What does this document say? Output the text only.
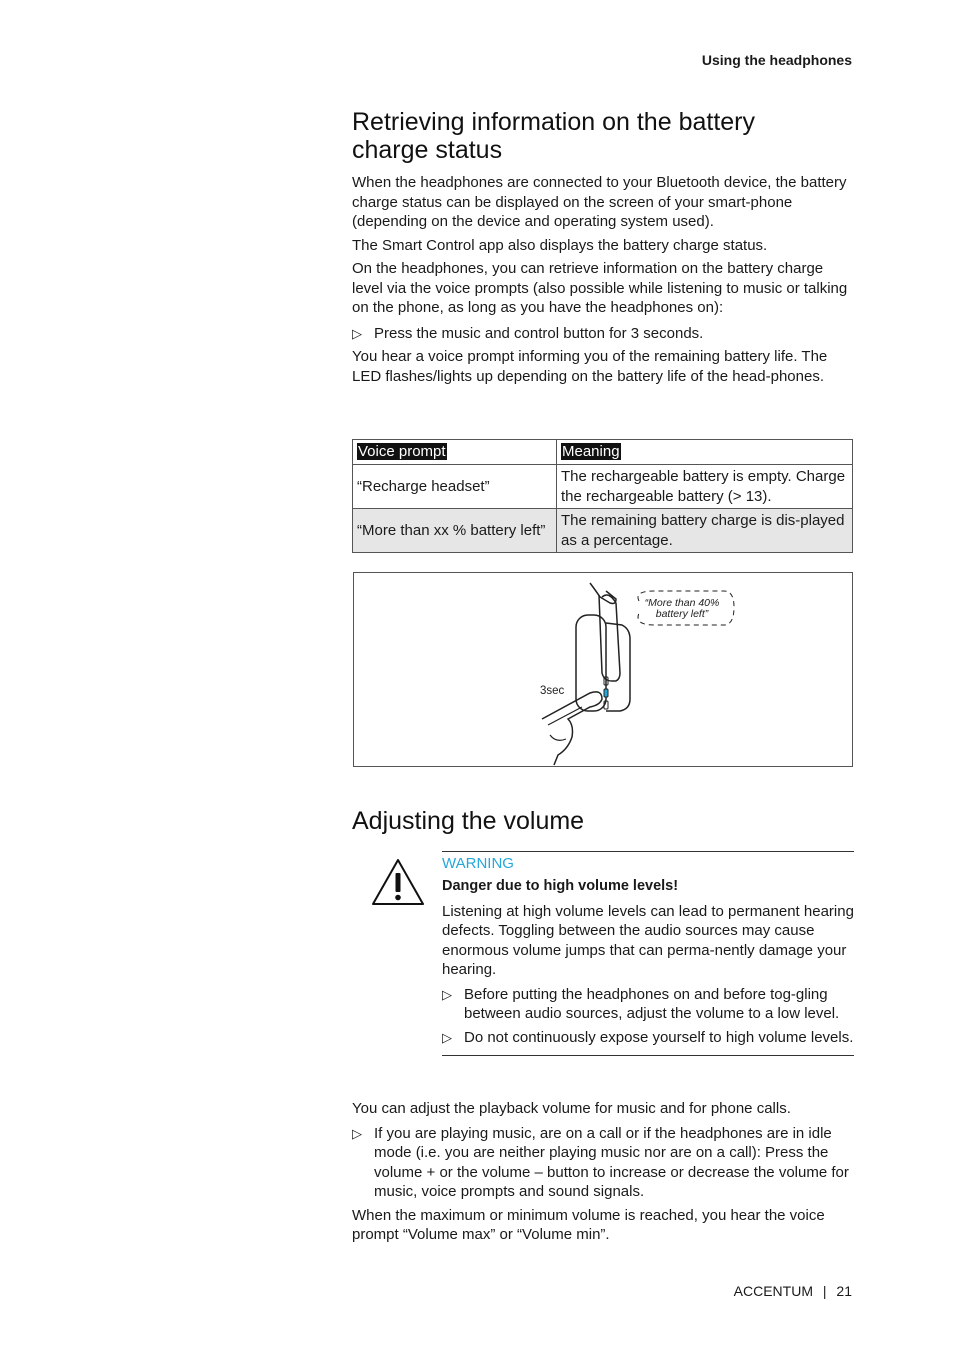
Using the headphones
Retrieving information on the battery
charge status

When the headphones are connected to your Bluetooth device, the battery charge status can be displayed on the screen of your smart-phone (depending on the device and operating system used).

The Smart Control app also displays the battery charge status.

On the headphones, you can retrieve information on the battery charge level via the voice prompts (also possible while listening to music or talking on the phone, as long as you have the headphones on):

▷ Press the music and control button for 3 seconds.

You hear a voice prompt informing you of the remaining battery life. The LED flashes/lights up depending on the battery life of the head-phones.

Voice prompt	Meaning
“Recharge headset”	The rechargeable battery is empty. Charge the rechargeable battery (> 13).
“More than xx % battery left”	The remaining battery charge is dis-played as a percentage.
“More than 40%
battery left”
3sec
Adjusting the volume
WARNING

Danger due to high volume levels!

Listening at high volume levels can lead to permanent hearing defects. Toggling between the audio sources may cause enormous volume jumps that can perma-nently damage your hearing.

▷ Before putting the headphones on and before tog-gling between audio sources, adjust the volume to a low level.
▷ Do not continuously expose yourself to high volume levels.

You can adjust the playback volume for music and for phone calls.

▷ If you are playing music, are on a call or if the headphones are in idle mode (i.e. you are neither playing music nor are on a call): Press the volume + or the volume – button to increase or decrease the volume for music, voice prompts and sound signals.

When the maximum or minimum volume is reached, you hear the voice prompt “Volume max” or “Volume min”.

ACCENTUM | 21
